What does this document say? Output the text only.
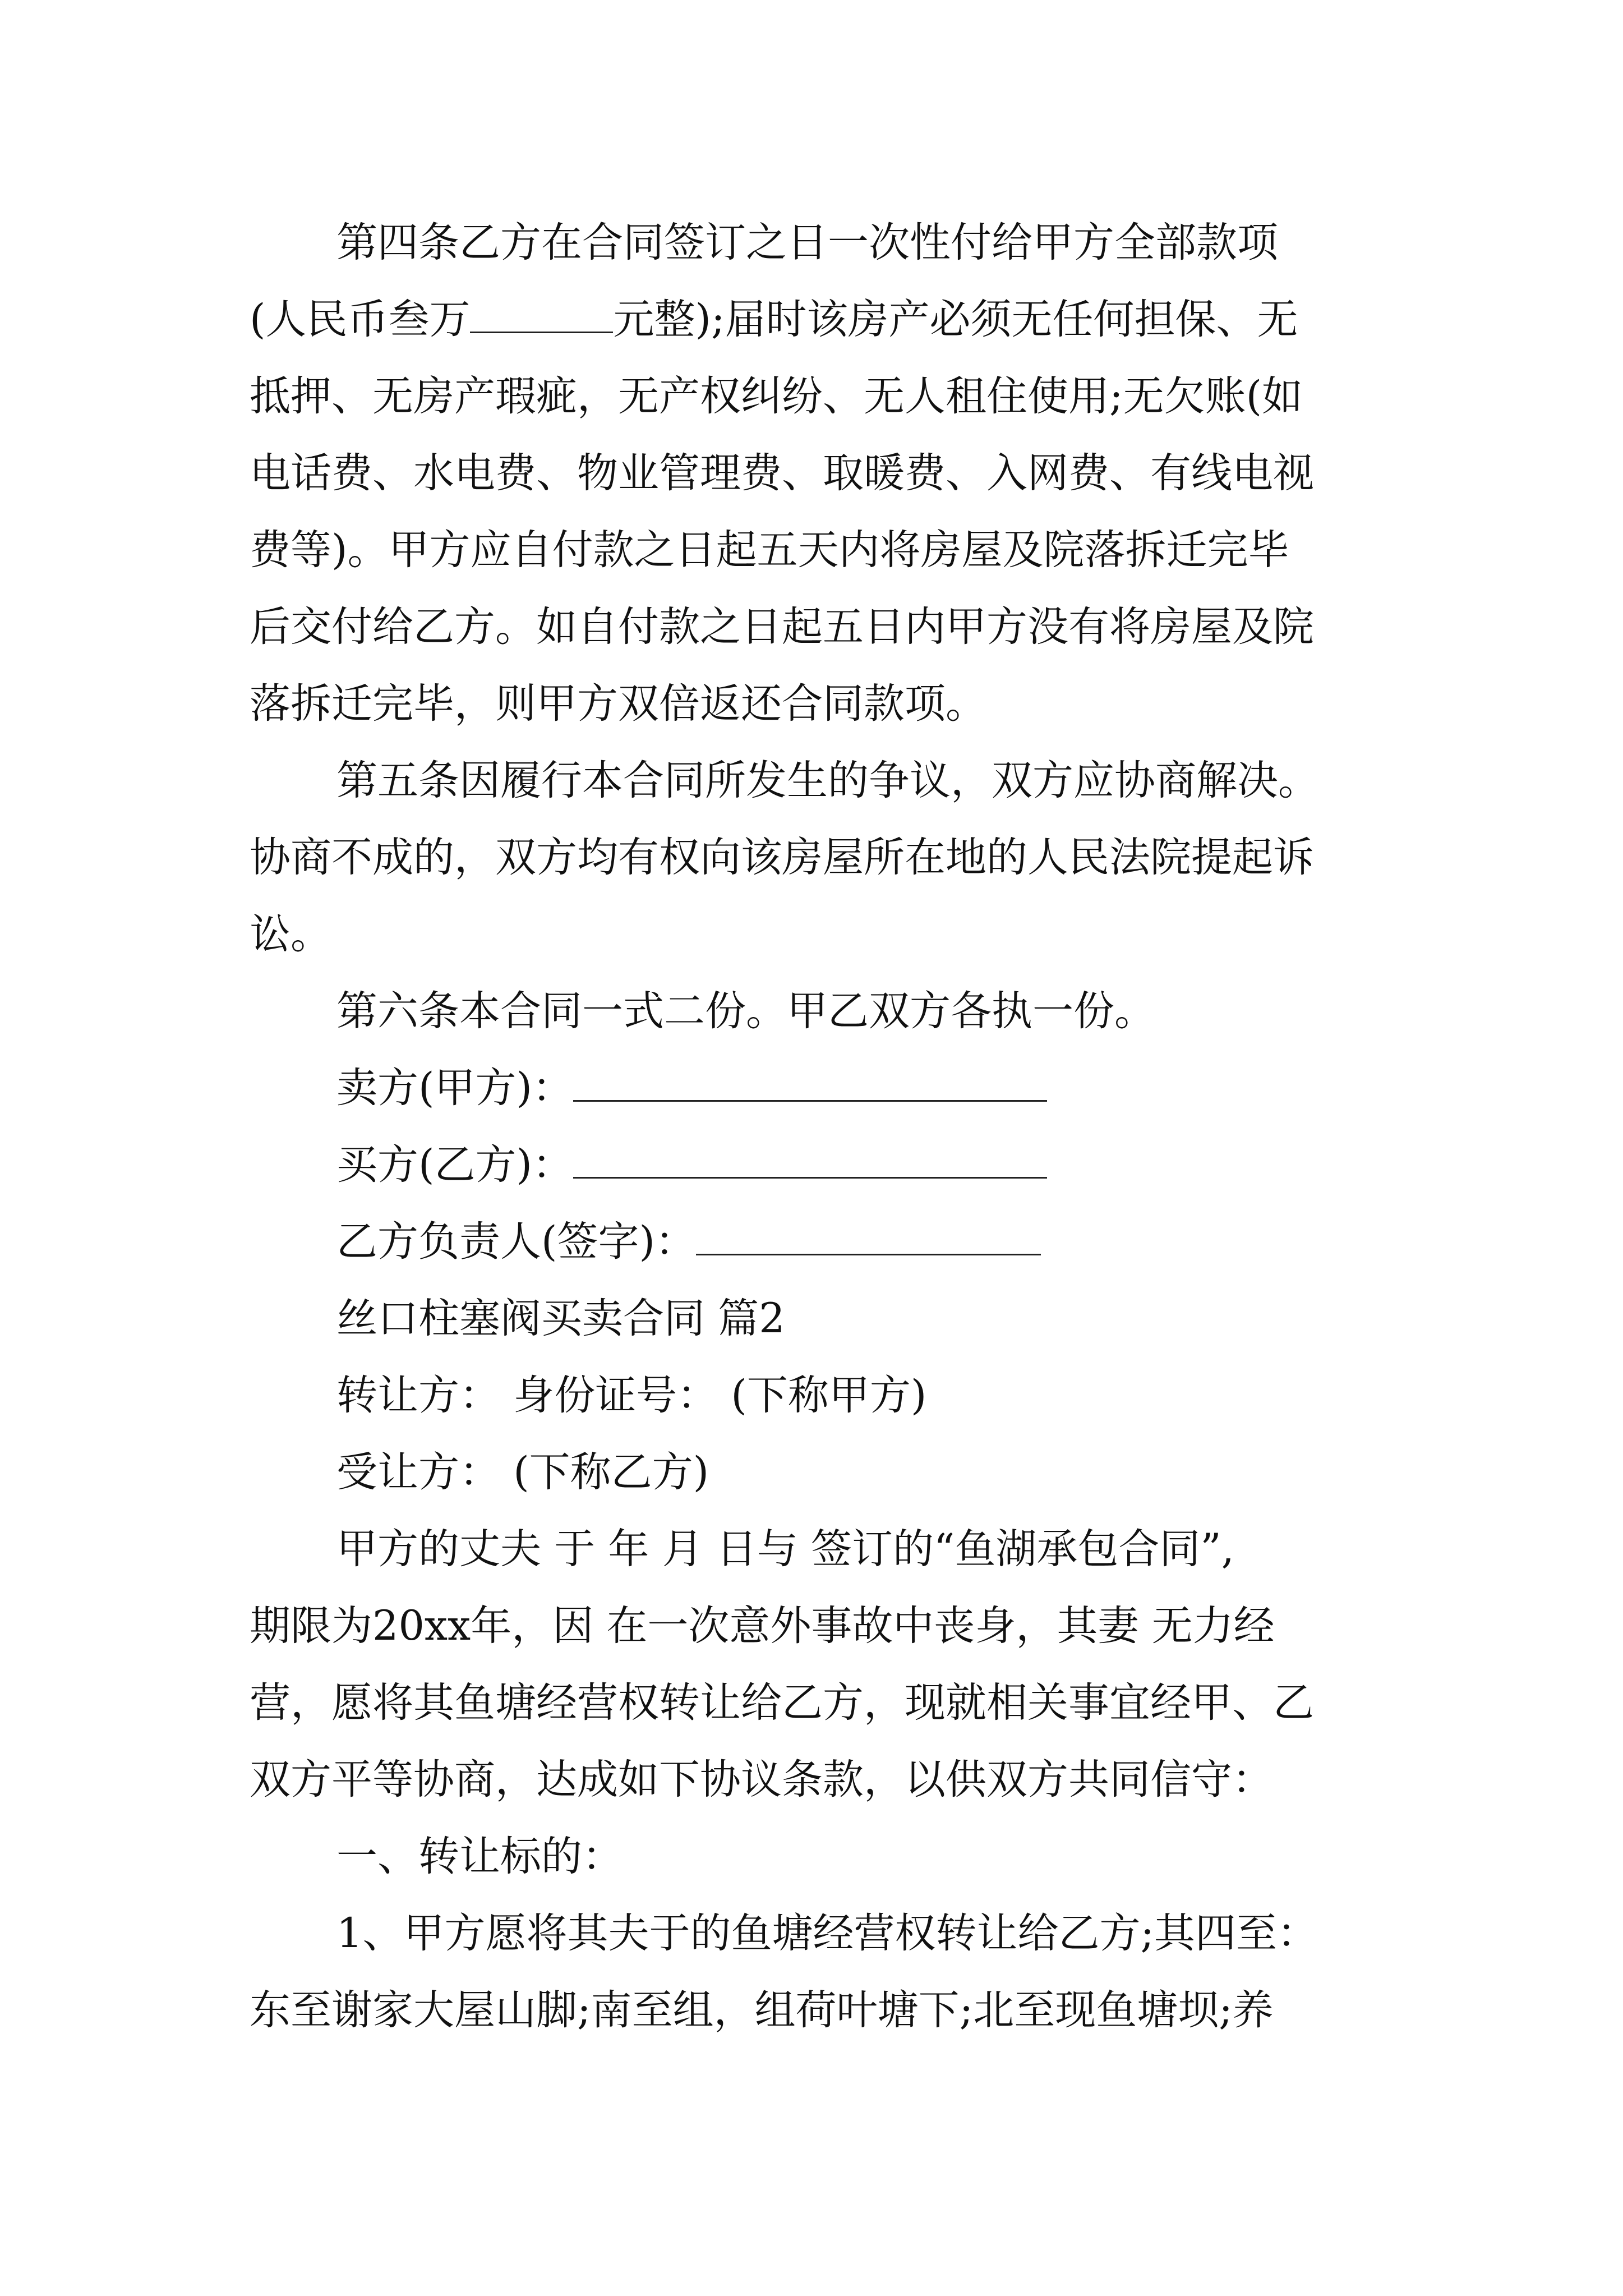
第四条乙方在合同签订之日一次性付给甲方全部款项
(人民币叁万	元整);届时该房产必须无任何担保、无
抵押、无房产瑕疵，无产权纠纷、无人租住使用;无欠账(如
电话费、水电费、物业管理费、取暖费、入网费、有线电视
费等)。甲方应自付款之日起五天内将房屋及院落拆迁完毕
后交付给乙方。如自付款之日起五日内甲方没有将房屋及院
落拆迁完毕，则甲方双倍返还合同款项。
第五条因履行本合同所发生的争议，双方应协商解决。
协商不成的，双方均有权向该房屋所在地的人民法院提起诉
讼。
第六条本合同一式二份。甲乙双方各执一份。
卖方(甲方)：
买方(乙方)：
乙方负责人(签字)：
丝口柱塞阀买卖合同 篇2
转让方： 身份证号： (下称甲方)
受让方： (下称乙方)
甲方的丈夫 于 年 月 日与 签订的“鱼湖承包合同”,
期限为20xx年，因 在一次意外事故中丧身，其妻 无力经
营，愿将其鱼塘经营权转让给乙方，现就相关事宜经甲、乙
双方平等协商，达成如下协议条款，以供双方共同信守：
一、转让标的：
1、甲方愿将其夫于的鱼塘经营权转让给乙方;其四至：
东至谢家大屋山脚;南至组，组荷叶塘下;北至现鱼塘坝;养
